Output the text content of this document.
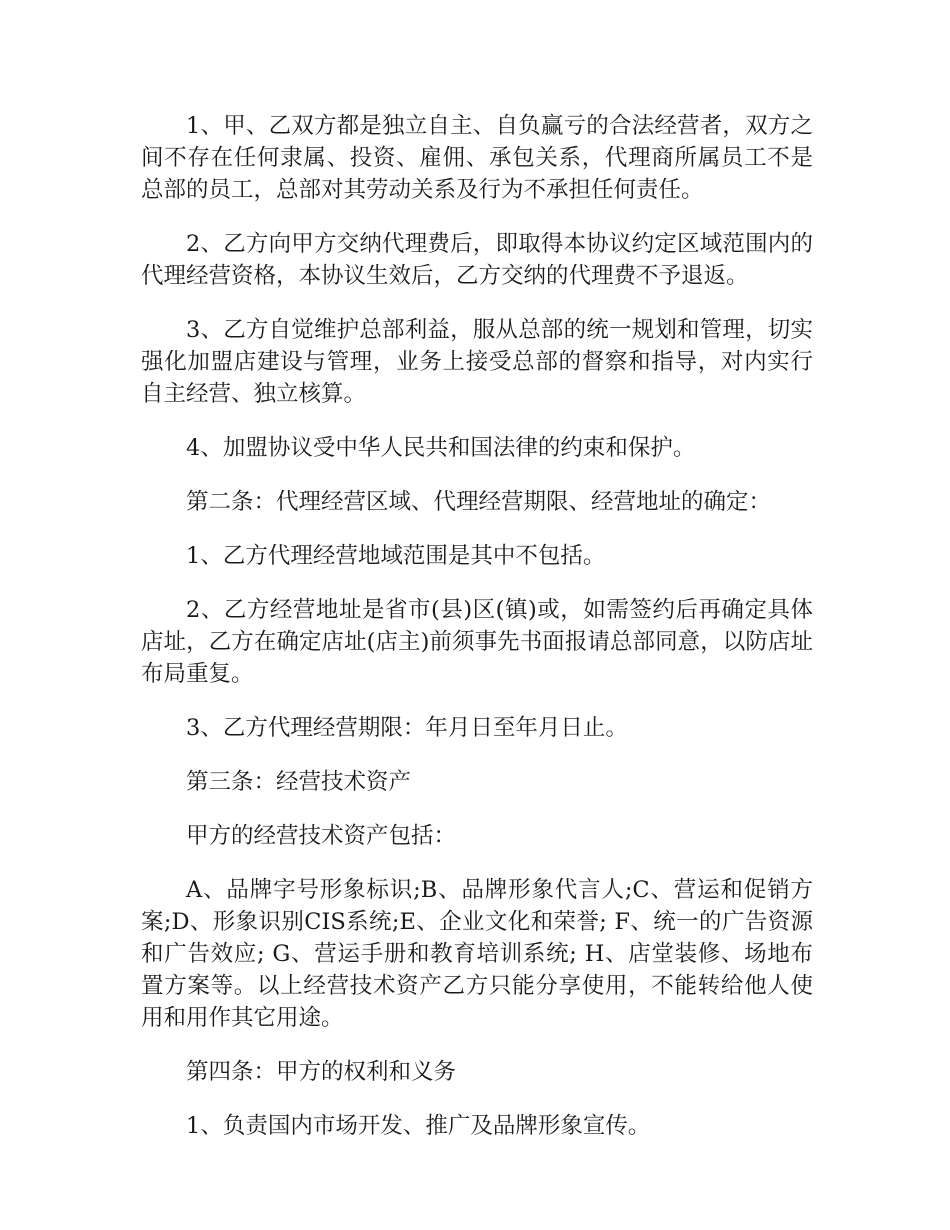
1、甲、乙双方都是独立自主、自负赢亏的合法经营者，双方之间不存在任何隶属、投资、雇佣、承包关系，代理商所属员工不是总部的员工，总部对其劳动关系及行为不承担任何责任。

2、乙方向甲方交纳代理费后，即取得本协议约定区域范围内的代理经营资格，本协议生效后，乙方交纳的代理费不予退返。

3、乙方自觉维护总部利益，服从总部的统一规划和管理，切实强化加盟店建设与管理，业务上接受总部的督察和指导，对内实行自主经营、独立核算。

4、加盟协议受中华人民共和国法律的约束和保护。

第二条：代理经营区域、代理经营期限、经营地址的确定：

1、乙方代理经营地域范围是其中不包括。

2、乙方经营地址是省市(县)区(镇)或，如需签约后再确定具体店址，乙方在确定店址(店主)前须事先书面报请总部同意，以防店址布局重复。

3、乙方代理经营期限：年月日至年月日止。

第三条：经营技术资产

甲方的经营技术资产包括：

A、品牌字号形象标识;B、品牌形象代言人;C、营运和促销方案;D、形象识别CIS系统;E、企业文化和荣誉; F、统一的广告资源和广告效应; G、营运手册和教育培训系统; H、店堂装修、场地布置方案等。以上经营技术资产乙方只能分享使用，不能转给他人使用和用作其它用途。

第四条：甲方的权利和义务

1、负责国内市场开发、推广及品牌形象宣传。
